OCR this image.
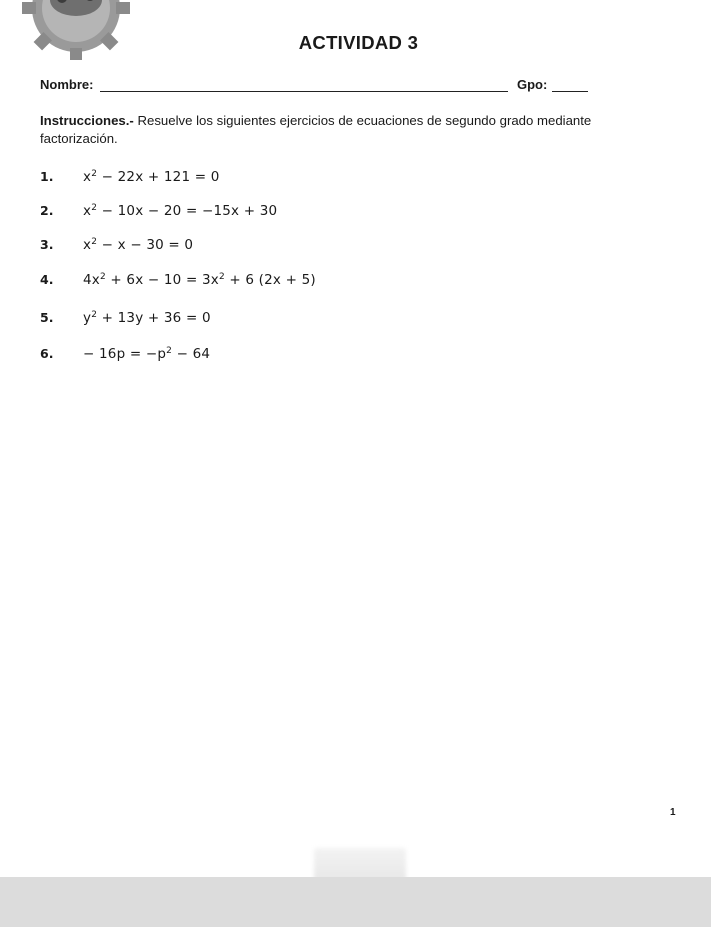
ACTIVIDAD 3
Nombre:	Gpo:
Instrucciones.- Resuelve los siguientes ejercicios de ecuaciones de segundo grado mediante factorización.
1. $x^2 - 22x + 121 = 0$
2. $x^2 - 10x - 20 = -15x + 30$
3. $x^2 - x - 30 = 0$
4. $4x^2 + 6x - 10 = 3x^2 + 6$ (2x + 5)
5. $y^2 + 13y + 36 = 0$
6. − $16p = -p^2 - 64$
1
